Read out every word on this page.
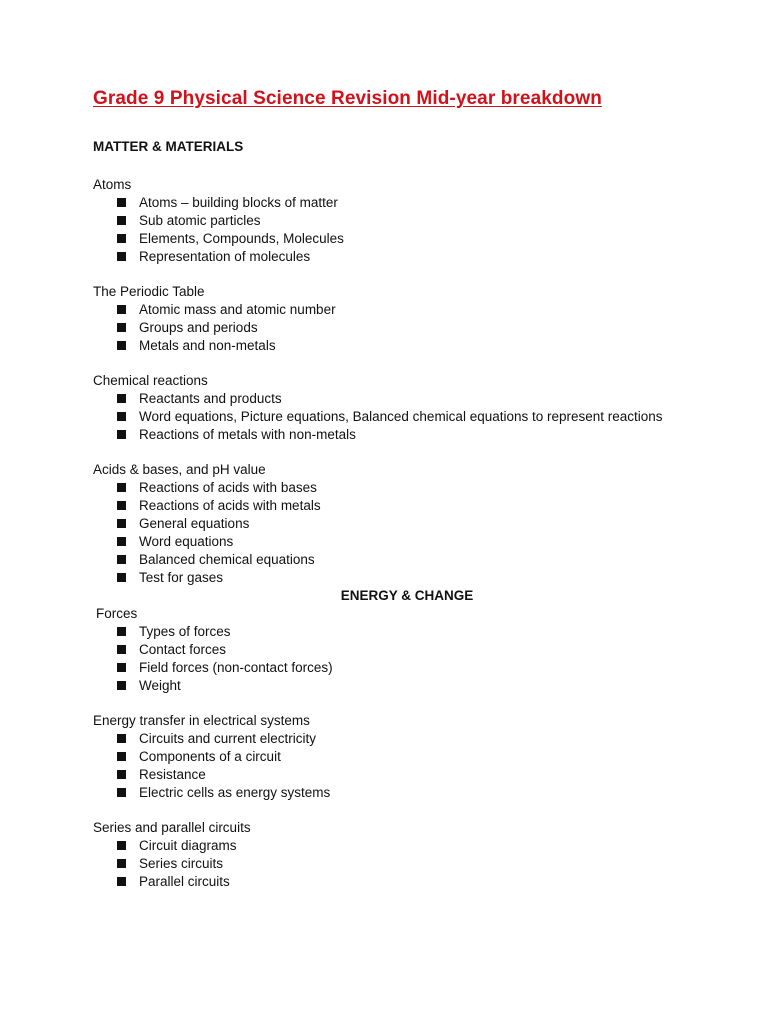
Grade 9 Physical Science Revision Mid-year breakdown
MATTER & MATERIALS
Atoms
Atoms – building blocks of matter
Sub atomic particles
Elements, Compounds, Molecules
Representation of molecules
The Periodic Table
Atomic mass and atomic number
Groups and periods
Metals and non-metals
Chemical reactions
Reactants and products
Word equations, Picture equations, Balanced chemical equations to represent reactions
Reactions of metals with non-metals
Acids & bases, and pH value
Reactions of acids with bases
Reactions of acids with metals
General equations
Word equations
Balanced chemical equations
Test for gases
ENERGY & CHANGE
Forces
Types of forces
Contact forces
Field forces (non-contact forces)
Weight
Energy transfer in electrical systems
Circuits and current electricity
Components of a circuit
Resistance
Electric cells as energy systems
Series and parallel circuits
Circuit diagrams
Series circuits
Parallel circuits
